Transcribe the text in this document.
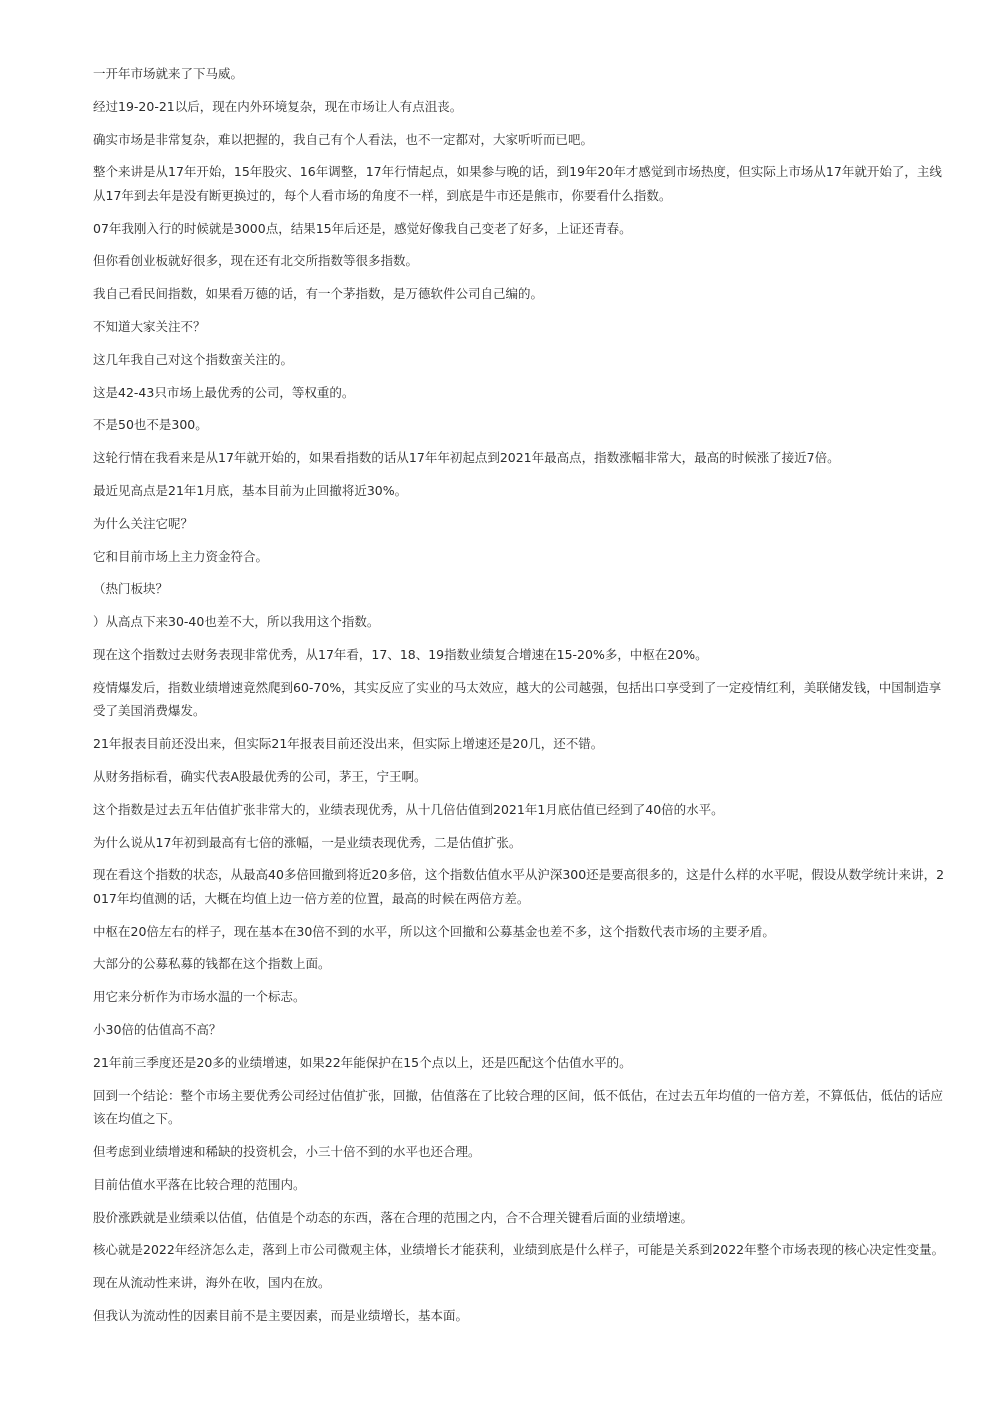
一开年市场就来了下马威。

经过19-20-21以后，现在内外环境复杂，现在市场让人有点沮丧。

确实市场是非常复杂，难以把握的，我自己有个人看法，也不一定都对，大家听听而已吧。

整个来讲是从17年开始，15年股灾、16年调整，17年行情起点，如果参与晚的话，到19年20年才感觉到市场热度，但实际上市场从17年就开始了，主线从17年到去年是没有断更换过的，每个人看市场的角度不一样，到底是牛市还是熊市，你要看什么指数。

07年我刚入行的时候就是3000点，结果15年后还是，感觉好像我自己变老了好多，上证还青春。

但你看创业板就好很多，现在还有北交所指数等很多指数。

我自己看民间指数，如果看万德的话，有一个茅指数，是万德软件公司自己编的。

不知道大家关注不？

这几年我自己对这个指数蛮关注的。

这是42-43只市场上最优秀的公司，等权重的。

不是50也不是300。

这轮行情在我看来是从17年就开始的，如果看指数的话从17年年初起点到2021年最高点，指数涨幅非常大，最高的时候涨了接近7倍。

最近见高点是21年1月底，基本目前为止回撤将近30%。

为什么关注它呢？

它和目前市场上主力资金符合。

（热门板块？

）从高点下来30-40也差不大，所以我用这个指数。

现在这个指数过去财务表现非常优秀，从17年看，17、18、19指数业绩复合增速在15-20%多，中枢在20%。

疫情爆发后，指数业绩增速竟然爬到60-70%，其实反应了实业的马太效应，越大的公司越强，包括出口享受到了一定疫情红利，美联储发钱，中国制造享受了美国消费爆发。

21年报表目前还没出来，但实际21年报表目前还没出来，但实际上增速还是20几，还不错。

从财务指标看，确实代表A股最优秀的公司，茅王，宁王啊。

这个指数是过去五年估值扩张非常大的，业绩表现优秀，从十几倍估值到2021年1月底估值已经到了40倍的水平。

为什么说从17年初到最高有七倍的涨幅，一是业绩表现优秀，二是估值扩张。

现在看这个指数的状态，从最高40多倍回撤到将近20多倍，这个指数估值水平从沪深300还是要高很多的，这是什么样的水平呢，假设从数学统计来讲，2017年均值测的话，大概在均值上边一倍方差的位置，最高的时候在两倍方差。

中枢在20倍左右的样子，现在基本在30倍不到的水平，所以这个回撤和公募基金也差不多，这个指数代表市场的主要矛盾。

大部分的公募私募的钱都在这个指数上面。

用它来分析作为市场水温的一个标志。

小30倍的估值高不高？

21年前三季度还是20多的业绩增速，如果22年能保护在15个点以上，还是匹配这个估值水平的。

回到一个结论：整个市场主要优秀公司经过估值扩张，回撤，估值落在了比较合理的区间，低不低估，在过去五年均值的一倍方差，不算低估，低估的话应该在均值之下。

但考虑到业绩增速和稀缺的投资机会，小三十倍不到的水平也还合理。

目前估值水平落在比较合理的范围内。

股价涨跌就是业绩乘以估值，估值是个动态的东西，落在合理的范围之内，合不合理关键看后面的业绩增速。

核心就是2022年经济怎么走，落到上市公司微观主体，业绩增长才能获利，业绩到底是什么样子，可能是关系到2022年整个市场表现的核心决定性变量。

现在从流动性来讲，海外在收，国内在放。

但我认为流动性的因素目前不是主要因素，而是业绩增长，基本面。
